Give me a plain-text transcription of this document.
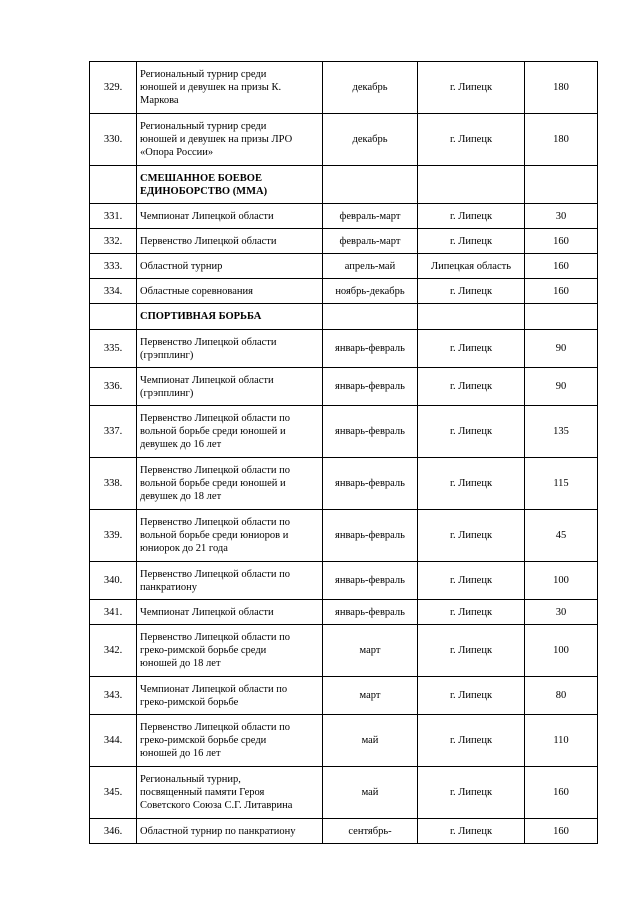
329.	Региональный турнир среди
юношей и девушек на призы К.
Маркова	декабрь	г. Липецк	180
330.	Региональный турнир среди
юношей и девушек на призы ЛРО
«Опора России»	декабрь	г. Липецк	180

	СМЕШАННОЕ БОЕВОЕ
ЕДИНОБОРСТВО (ММА)			

331.	Чемпионат Липецкой области	февраль-март	г. Липецк	30
332.	Первенство Липецкой области	февраль-март	г. Липецк	160
333.	Областной турнир	апрель-май	Липецкая область	160
334.	Областные соревнования	ноябрь-декабрь	г. Липецк	160

	СПОРТИВНАЯ БОРЬБА			

335.	Первенство Липецкой области
(грэпплинг)	январь-февраль	г. Липецк	90
336.	Чемпионат Липецкой области
(грэпплинг)	январь-февраль	г. Липецк	90
337.	Первенство Липецкой области по
вольной борьбе среди юношей и
девушек до 16 лет	январь-февраль	г. Липецк	135
338.	Первенство Липецкой области по
вольной борьбе среди юношей и
девушек до 18 лет	январь-февраль	г. Липецк	115
339.	Первенство Липецкой области по
вольной борьбе среди юниоров и
юниорок до 21 года	январь-февраль	г. Липецк	45
340.	Первенство Липецкой области по
панкратиону	январь-февраль	г. Липецк	100
341.	Чемпионат Липецкой области	январь-февраль	г. Липецк	30
342.	Первенство Липецкой области по
греко-римской борьбе среди
юношей до 18 лет	март	г. Липецк	100
343.	Чемпионат Липецкой области по
греко-римской борьбе	март	г. Липецк	80
344.	Первенство Липецкой области по
греко-римской борьбе среди
юношей до 16 лет	май	г. Липецк	110
345.	Региональный турнир,
посвященный памяти Героя
Советского Союза С.Г. Литаврина	май	г. Липецк	160
346.	Областной турнир по панкратиону	сентябрь-	г. Липецк	160
